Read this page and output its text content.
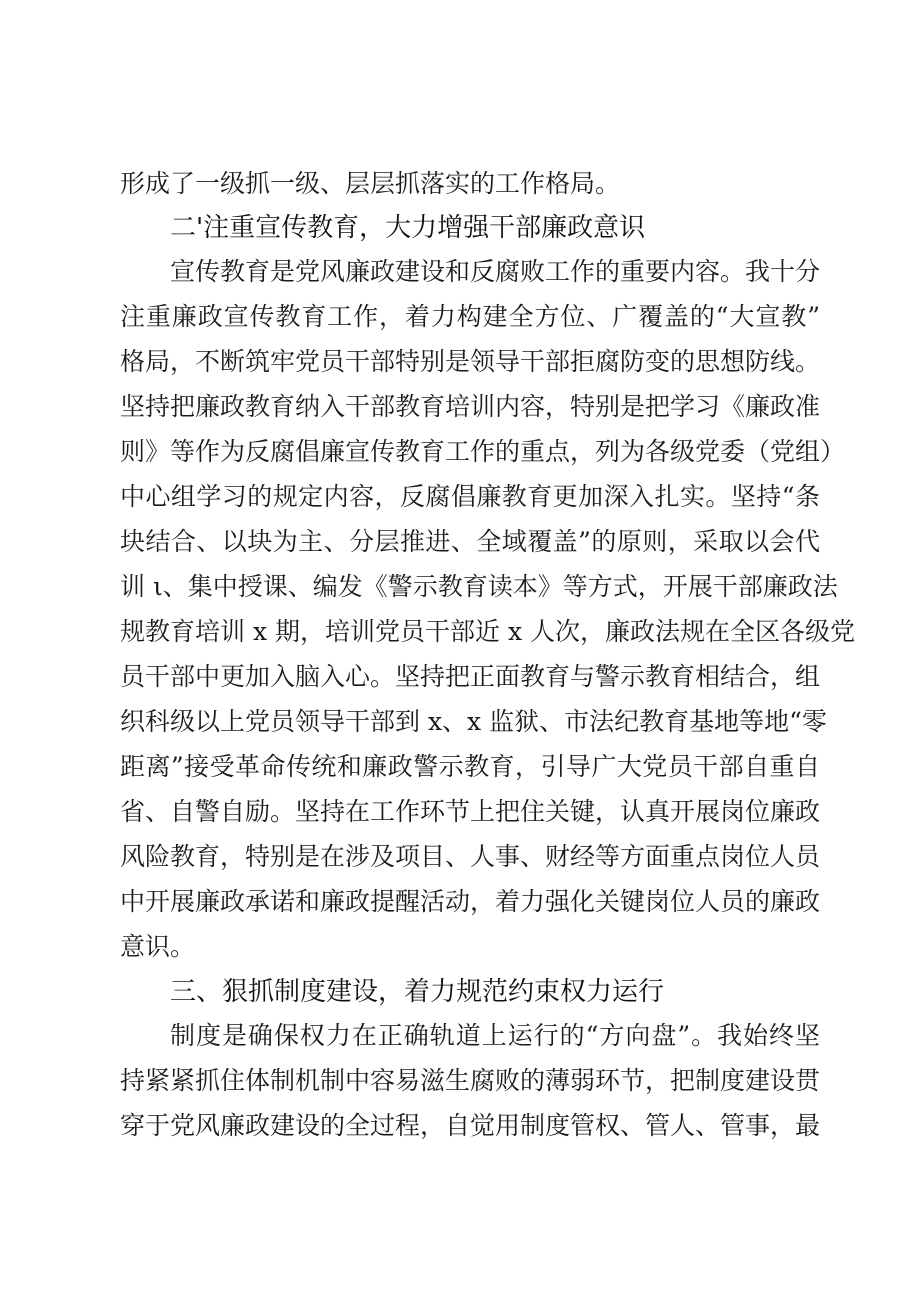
形成了一级抓一级、层层抓落实的工作格局。
二'注重宣传教育，大力增强干部廉政意识
宣传教育是党风廉政建设和反腐败工作的重要内容。我十分
注重廉政宣传教育工作，着力构建全方位、广覆盖的“大宣教”
格局，不断筑牢党员干部特别是领导干部拒腐防变的思想防线。
坚持把廉政教育纳入干部教育培训内容，特别是把学习《廉政准
则》等作为反腐倡廉宣传教育工作的重点，列为各级党委（党组）
中心组学习的规定内容，反腐倡廉教育更加深入扎实。坚持“条
块结合、以块为主、分层推进、全域覆盖”的原则，采取以会代
训 ι、集中授课、编发《警示教育读本》等方式，开展干部廉政法
规教育培训 x 期，培训党员干部近 x 人次，廉政法规在全区各级党
员干部中更加入脑入心。坚持把正面教育与警示教育相结合，组
织科级以上党员领导干部到 x、x 监狱、市法纪教育基地等地“零
距离”接受革命传统和廉政警示教育，引导广大党员干部自重自
省、自警自励。坚持在工作环节上把住关键，认真开展岗位廉政
风险教育，特别是在涉及项目、人事、财经等方面重点岗位人员
中开展廉政承诺和廉政提醒活动，着力强化关键岗位人员的廉政
意识。
三、狠抓制度建设，着力规范约束权力运行
制度是确保权力在正确轨道上运行的“方向盘”。我始终坚
持紧紧抓住体制机制中容易滋生腐败的薄弱环节，把制度建设贯
穿于党风廉政建设的全过程，自觉用制度管权、管人、管事，最
